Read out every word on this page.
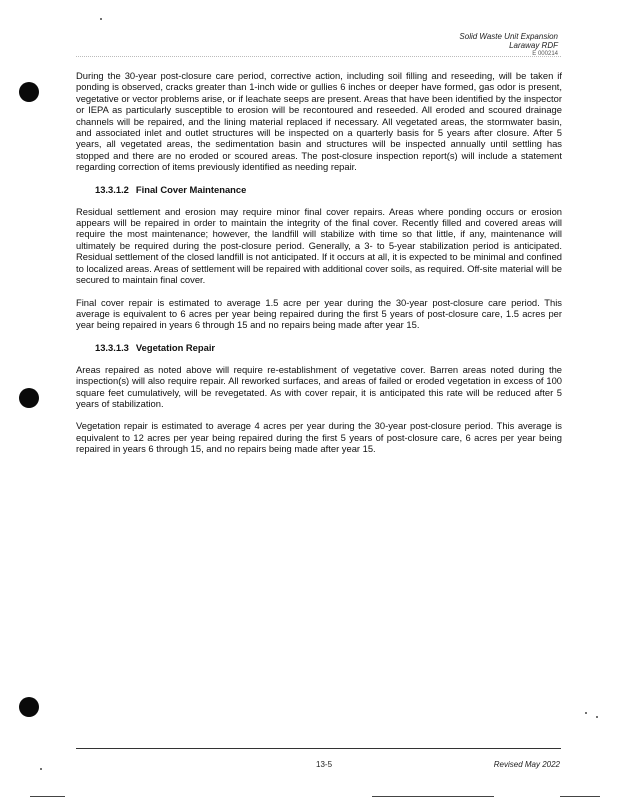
Solid Waste Unit Expansion
Laraway RDF
E 000214

During the 30-year post-closure care period, corrective action, including soil filling and reseeding, will be taken if ponding is observed, cracks greater than 1-inch wide or gullies 6 inches or deeper have formed, gas odor is present, vegetative or vector problems arise, or if leachate seeps are present. Areas that have been identified by the inspector or IEPA as particularly susceptible to erosion will be recontoured and reseeded. All eroded and scoured drainage channels will be repaired, and the lining material replaced if necessary. All vegetated areas, the stormwater basin, and associated inlet and outlet structures will be inspected on a quarterly basis for 5 years after closure. After 5 years, all vegetated areas, the sedimentation basin and structures will be inspected annually until settling has stopped and there are no eroded or scoured areas. The post-closure inspection report(s) will include a statement regarding correction of items previously identified as needing repair.

13.3.1.2 Final Cover Maintenance

Residual settlement and erosion may require minor final cover repairs. Areas where ponding occurs or erosion appears will be repaired in order to maintain the integrity of the final cover. Recently filled and covered areas will require the most maintenance; however, the landfill will stabilize with time so that little, if any, maintenance will ultimately be required during the post-closure period. Generally, a 3- to 5-year stabilization period is anticipated. Residual settlement of the closed landfill is not anticipated. If it occurs at all, it is expected to be minimal and confined to localized areas. Areas of settlement will be repaired with additional cover soils, as required. Off-site material will be secured to maintain final cover.

Final cover repair is estimated to average 1.5 acre per year during the 30-year post-closure care period. This average is equivalent to 6 acres per year being repaired during the first 5 years of post-closure care, 1.5 acres per year being repaired in years 6 through 15 and no repairs being made after year 15.

13.3.1.3 Vegetation Repair

Areas repaired as noted above will require re-establishment of vegetative cover. Barren areas noted during the inspection(s) will also require repair. All reworked surfaces, and areas of failed or eroded vegetation in excess of 100 square feet cumulatively, will be revegetated. As with cover repair, it is anticipated this rate will be reduced after 5 years of stabilization.

Vegetation repair is estimated to average 4 acres per year during the 30-year post-closure period. This average is equivalent to 12 acres per year being repaired during the first 5 years of post-closure care, 6 acres per year being repaired in years 6 through 15, and no repairs being made after year 15.

13-5	Revised May 2022
